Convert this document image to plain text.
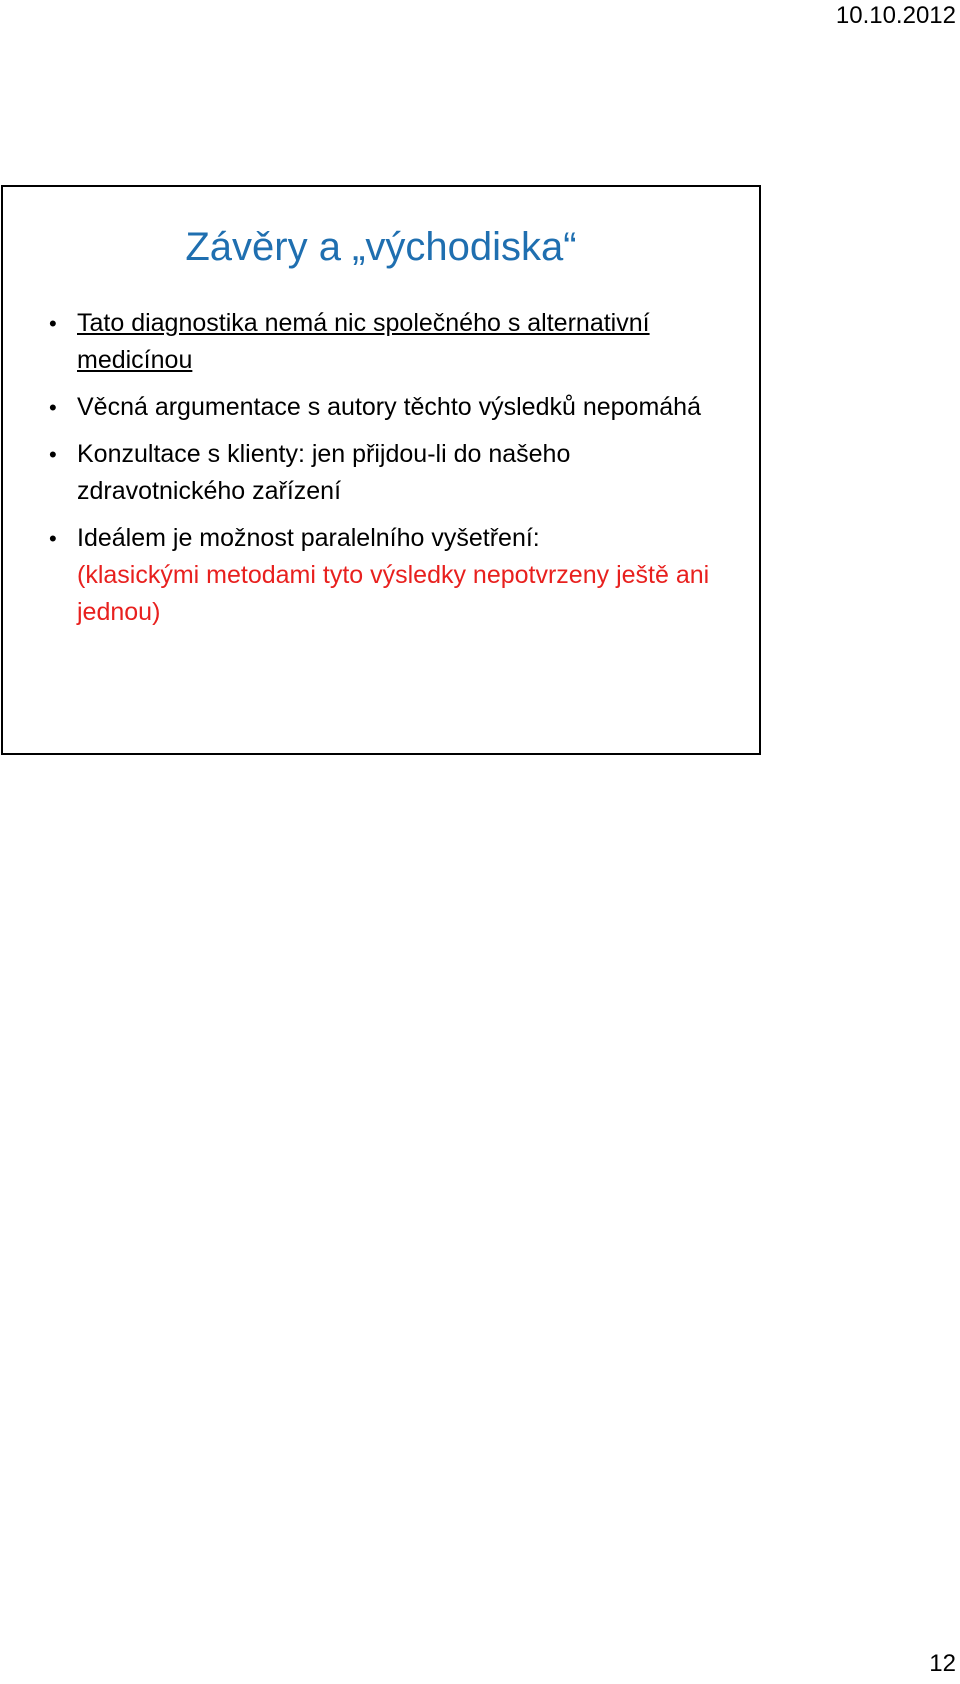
10.10.2012
Závěry a „východiska“
• Tato diagnostika nemá nic společného s alternativní medicínou
• Věcná argumentace s autory těchto výsledků nepomáhá
• Konzultace s klienty: jen přijdou-li do našeho zdravotnického zařízení
• Ideálem je možnost paralelního vyšetření:
(klasickými metodami tyto výsledky nepotvrzeny ještě ani jednou)
12
